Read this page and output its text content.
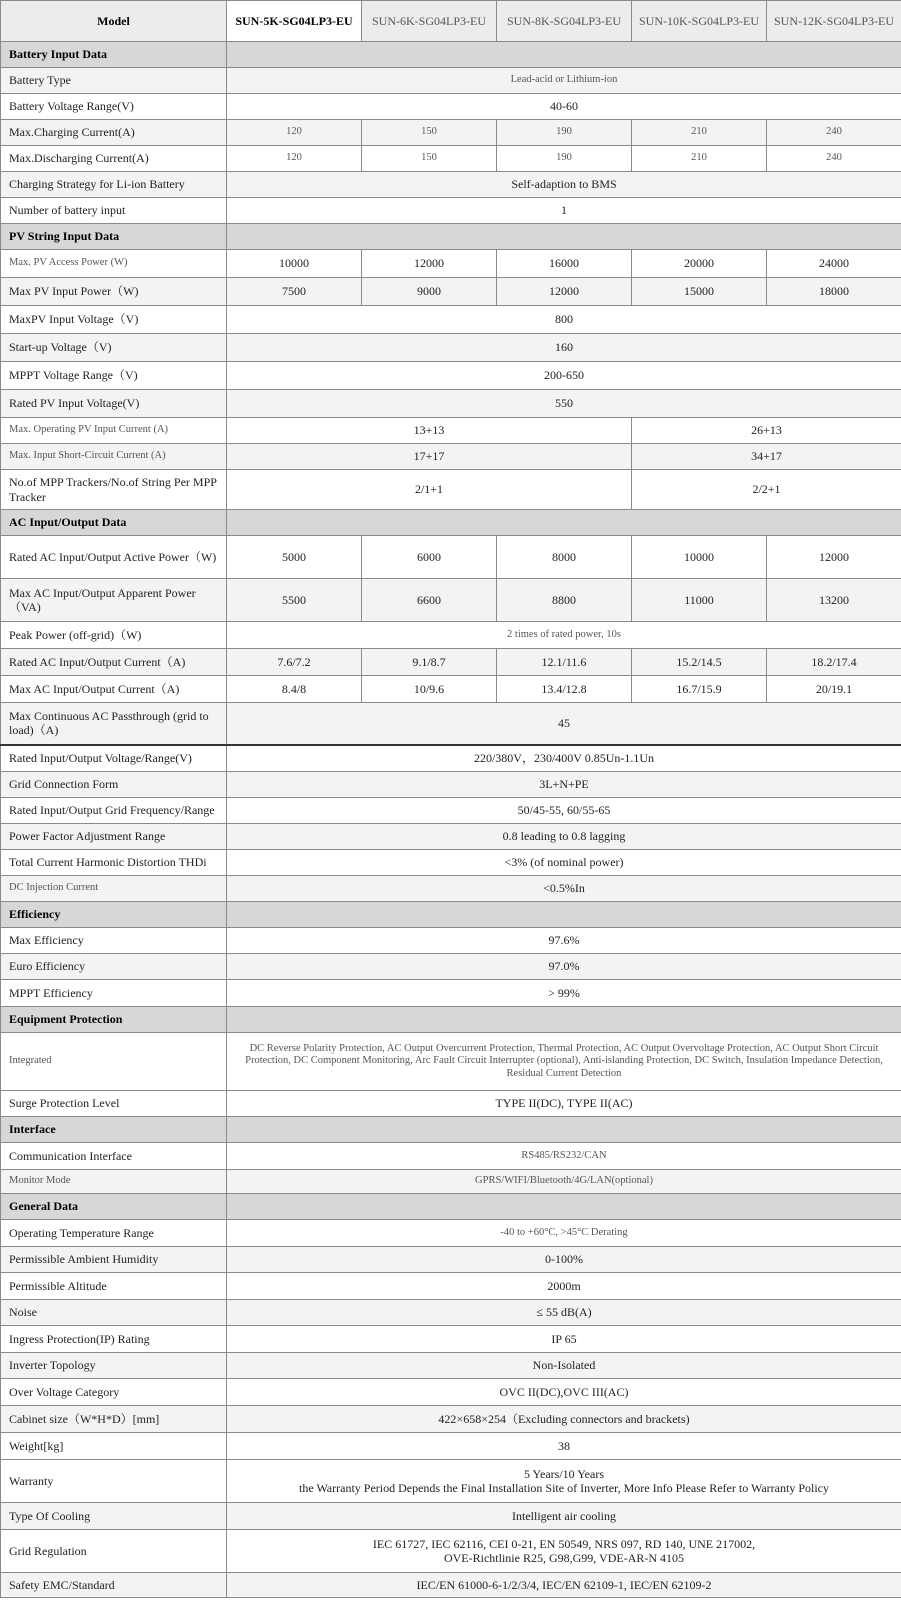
Model	SUN-5K-SG04LP3-EU	SUN-6K-SG04LP3-EU	SUN-8K-SG04LP3-EU	SUN-10K-SG04LP3-EU	SUN-12K-SG04LP3-EU
Battery Input Data					
Battery Type	Lead-acid or Lithium-ion				
Battery Voltage Range(V)	40-60				
Max.Charging Current(A)	120	150	190	210	240
Max.Discharging Current(A)	120	150	190	210	240
Charging Strategy for Li-ion Battery	Self-adaption to BMS				
Number of battery input	1				
PV String Input Data					
Max. PV Access Power (W)	10000	12000	16000	20000	24000
Max PV Input Power（W)	7500	9000	12000	15000	18000
MaxPV Input Voltage（V)	800				
Start-up Voltage（V)	160				
MPPT Voltage Range（V)	200-650				
Rated PV Input Voltage(V)	550				
Max. Operating PV Input Current (A)	13+13			26+13	
Max. Input Short-Circuit Current (A)	17+17			34+17	
No.of MPP Trackers/No.of String Per MPP Tracker	2/1+1			2/2+1	
AC Input/Output Data					
Rated AC Input/Output Active Power（W)	5000	6000	8000	10000	12000
Max AC Input/Output Apparent Power（VA)	5500	6600	8800	11000	13200
Peak Power (off-grid)（W)	2 times of rated power, 10s				
Rated AC Input/Output Current（A)	7.6/7.2	9.1/8.7	12.1/11.6	15.2/14.5	18.2/17.4
Max AC Input/Output Current（A)	8.4/8	10/9.6	13.4/12.8	16.7/15.9	20/19.1
Max Continuous AC Passthrough (grid to load)（A)	45				
Rated Input/Output Voltage/Range(V)	220/380V，230/400V 0.85Un-1.1Un				
Grid Connection Form	3L+N+PE				
Rated Input/Output Grid Frequency/Range	50/45-55, 60/55-65				
Power Factor Adjustment Range	0.8 leading to 0.8 lagging				
Total Current Harmonic Distortion THDi	<3% (of nominal power)				
DC Injection Current	<0.5%In				
Efficiency					
Max Efficiency	97.6%				
Euro Efficiency	97.0%				
MPPT Efficiency	> 99%				
Equipment Protection					
Integrated	DC Reverse Polarity Protection, AC Output Overcurrent Protection, Thermal Protection, AC Output Overvoltage Protection, AC Output Short Circuit Protection, DC Component Monitoring, Arc Fault Circuit Interrupter (optional), Anti-islanding Protection, DC Switch, Insulation Impedance Detection, Residual Current Detection				
Surge Protection Level	TYPE II(DC), TYPE II(AC)				
Interface					
Communication Interface	RS485/RS232/CAN				
Monitor Mode	GPRS/WIFI/Bluetooth/4G/LAN(optional)				
General Data					
Operating Temperature Range	-40 to +60°C, >45°C Derating				
Permissible Ambient Humidity	0-100%				
Permissible Altitude	2000m				
Noise	≤ 55 dB(A)				
Ingress Protection(IP) Rating	IP 65				
Inverter Topology	Non-Isolated				
Over Voltage Category	OVC II(DC),OVC III(AC)				
Cabinet size（W*H*D）[mm]	422×658×254（Excluding connectors and brackets)				
Weight[kg]	38				
Warranty	5 Years/10 Years
the Warranty Period Depends the Final Installation Site of Inverter, More Info Please Refer to Warranty Policy				
Type Of Cooling	Intelligent air cooling				
Grid Regulation	IEC 61727, IEC 62116, CEI 0-21, EN 50549, NRS 097, RD 140, UNE 217002,
OVE-Richtlinie R25, G98,G99, VDE-AR-N 4105				
Safety EMC/Standard	IEC/EN 61000-6-1/2/3/4, IEC/EN 62109-1, IEC/EN 62109-2				
